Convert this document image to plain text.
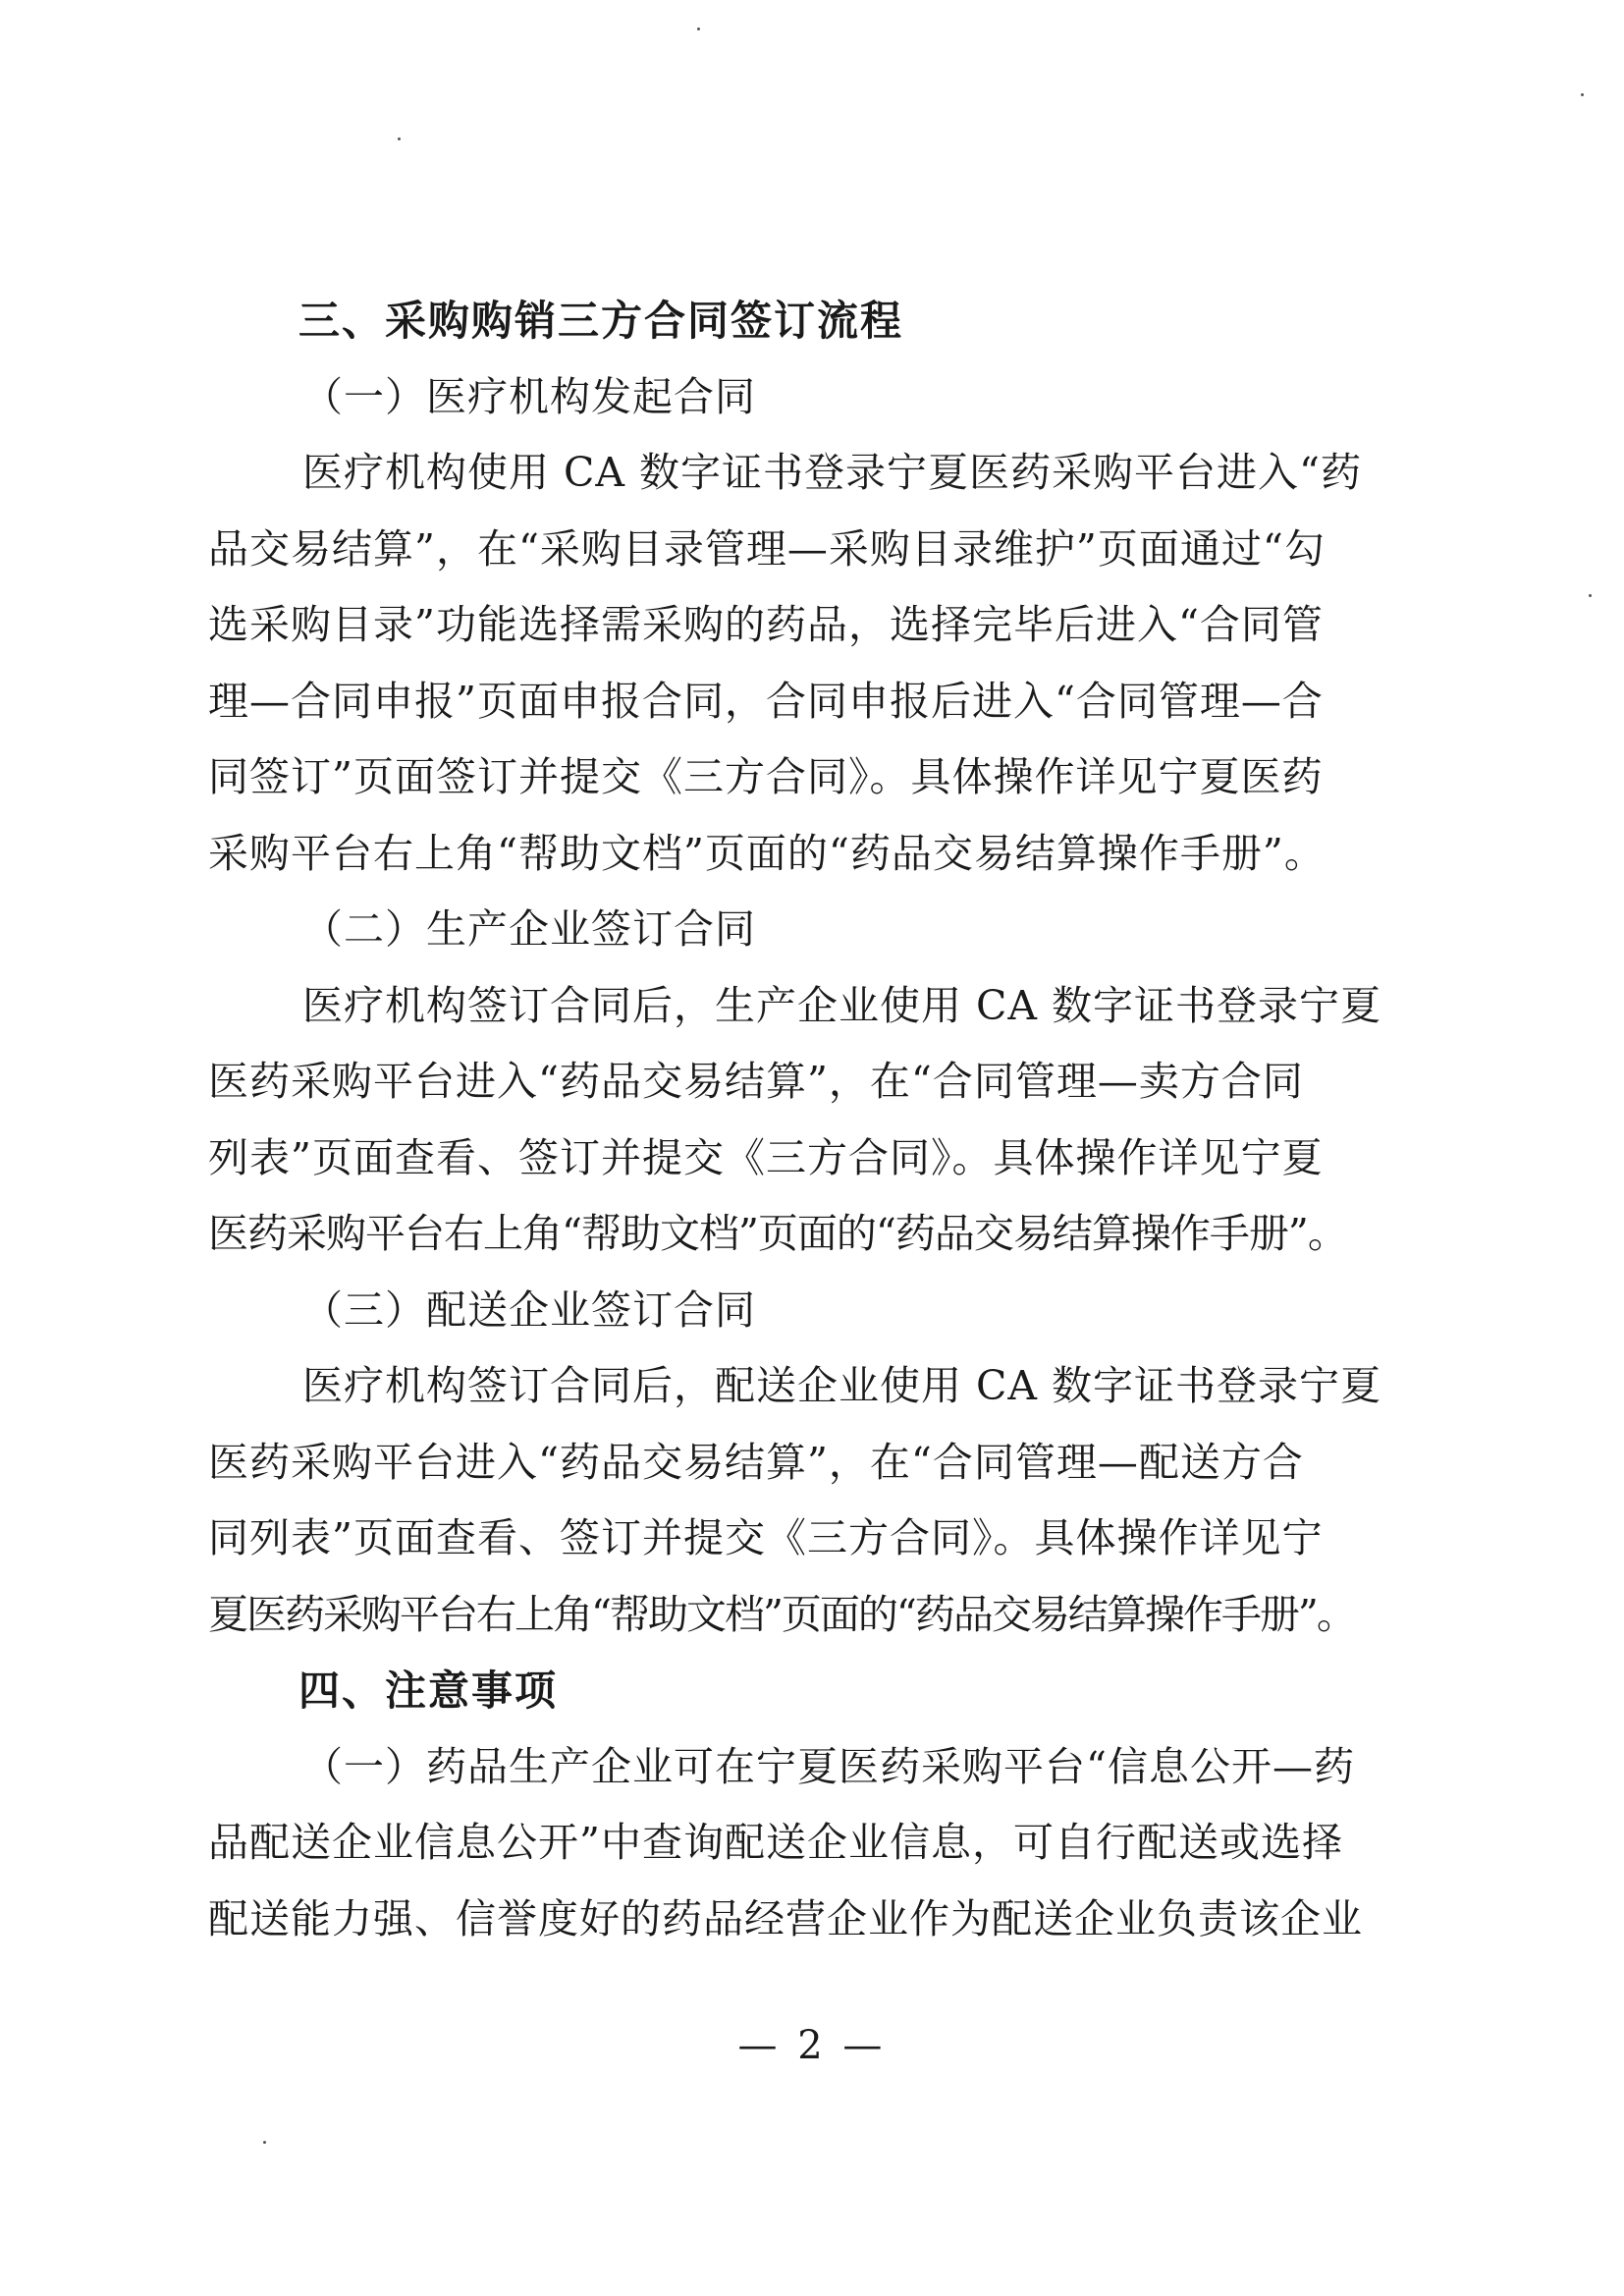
三、采购购销三方合同签订流程
（一）医疗机构发起合同
医疗机构使用 CA 数字证书登录宁夏医药采购平台进入“药
品交易结算”，在“采购目录管理—采购目录维护”页面通过“勾
选采购目录”功能选择需采购的药品，选择完毕后进入“合同管
理—合同申报”页面申报合同，合同申报后进入“合同管理—合
同签订”页面签订并提交《三方合同》。具体操作详见宁夏医药
采购平台右上角“帮助文档”页面的“药品交易结算操作手册”。
（二）生产企业签订合同
医疗机构签订合同后，生产企业使用 CA 数字证书登录宁夏
医药采购平台进入“药品交易结算”，在“合同管理—卖方合同
列表”页面查看、签订并提交《三方合同》。具体操作详见宁夏
医药采购平台右上角“帮助文档”页面的“药品交易结算操作手册”。
（三）配送企业签订合同
医疗机构签订合同后，配送企业使用 CA 数字证书登录宁夏
医药采购平台进入“药品交易结算”，在“合同管理—配送方合
同列表”页面查看、签订并提交《三方合同》。具体操作详见宁
夏医药采购平台右上角“帮助文档”页面的“药品交易结算操作手册”。
四、注意事项
（一）药品生产企业可在宁夏医药采购平台“信息公开—药
品配送企业信息公开”中查询配送企业信息，可自行配送或选择
配送能力强、信誉度好的药品经营企业作为配送企业负责该企业
— 2 —
